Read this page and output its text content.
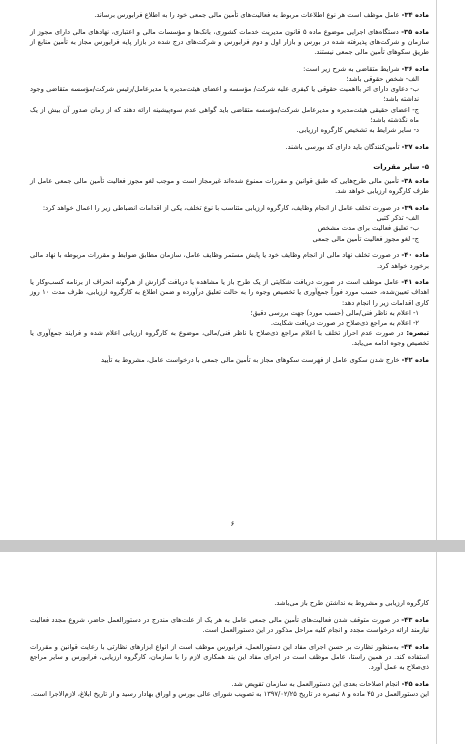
ماده ۳۴- عامل موظف است هر نوع اطلاعات مربوط به فعالیت‌های تأمین مالی جمعی خود را به اطلاع فرابورس برساند.

ماده ۳۵- دستگاه‌های اجرایی موضوع ماده ۵ قانون مدیریت خدمات کشوری، بانک‌ها و مؤسسات مالی و اعتباری، نهادهای مالی دارای مجوز از سازمان و شرکت‌های پذیرفته شده در بورس و بازار اول و دوم فرابورس و شرکت‌های درج شده در بازار پایه فرابورس مجاز به تأمین منابع از طریق سکوهای تأمین مالی جمعی نیستند.

ماده ۳۶- شرایط متقاضی به شرح زیر است:

الف- شخص حقوقی باشد؛

ب- دعاوی دارای اثر بااهمیت حقوقی یا کیفری علیه شرکت/ مؤسسه و اعضای هیئت‌مدیره یا مدیرعامل/رئیس شرکت/مؤسسه متقاضی وجود نداشته باشد؛

ج- اعضای حقیقی هیئت‌مدیره و مدیرعامل شرکت/مؤسسه متقاضی باید گواهی عدم سوءپیشینه ارائه دهند که از زمان صدور آن بیش از یک ماه نگذشته باشد؛

د- سایر شرایط به تشخیص کارگروه ارزیابی.

ماده ۳۷- تأمین‌کنندگان باید دارای کد بورسی باشند.

۵- سایر مقررات

ماده ۳۸- تأمین مالی طرح‌هایی که طبق قوانین و مقررات ممنوع شده‌اند غیرمجاز است و موجب لغو مجوز فعالیت تأمین مالی جمعی عامل از طرف کارگروه ارزیابی خواهد شد.

ماده ۳۹- در صورت تخلف عامل از انجام وظایف، کارگروه ارزیابی متناسب با نوع تخلف، یکی از اقدامات انضباطی زیر را اعمال خواهد کرد:

الف- تذکر کتبی

ب- تعلیق فعالیت برای مدت مشخص

ج- لغو مجوز فعالیت تأمین مالی جمعی

ماده ۴۰- در صورت تخلف نهاد مالی از انجام وظایف خود یا پایش مستمر وظایف عامل، سازمان مطابق ضوابط و مقررات مربوطه با نهاد مالی برخورد خواهد کرد.

ماده ۴۱- عامل موظف است در صورت دریافت شکایتی از یک طرح باز یا مشاهده یا دریافت گزارش از هرگونه انحراف از برنامه کسب‌وکار یا اهداف تعیین‌شده، حسب مورد فوراً جمع‌آوری یا تخصیص وجوه را به حالت تعلیق درآورده و ضمن اطلاع به کارگروه ارزیابی، ظرف مدت ۱۰ روز کاری اقدامات زیر را انجام دهد:

۱- اعلام به ناظر فنی/مالی (حسب مورد) جهت بررسی دقیق؛

۲- اعلام به مراجع ذی‌صلاح در صورت دریافت شکایت.

تبصره: در صورت عدم احراز تخلف با اعلام مراجع ذی‌صلاح یا ناظر فنی/مالی، موضوع به کارگروه ارزیابی اعلام شده و فرایند جمع‌آوری یا تخصیص وجوه ادامه می‌یابد.

ماده ۴۲- خارج شدن سکوی عامل از فهرست سکوهای مجاز به تأمین مالی جمعی با درخواست عامل، مشروط به تأیید

۶

کارگروه ارزیابی و مشروط به نداشتن طرح باز می‌باشد.

ماده ۴۳- در صورت متوقف شدن فعالیت‌های تأمین مالی جمعی عامل به هر یک از علت‌های مندرج در دستورالعمل حاضر، شروع مجدد فعالیت نیازمند ارائه درخواست مجدد و انجام کلیه مراحل مذکور در این دستورالعمل است.

ماده ۴۴- به‌منظور نظارت بر حسن اجرای مفاد این دستورالعمل، فرابورس موظف است از انواع ابزارهای نظارتی با رعایت قوانین و مقررات استفاده کند. در همین راستا، عامل موظف است در اجرای مفاد این بند همکاری لازم را با سازمان، کارگروه ارزیابی، فرابورس و سایر مراجع ذی‌صلاح به عمل آورد.

ماده ۴۵- انجام اصلاحات بعدی این دستورالعمل به سازمان تفویض شد.

این دستورالعمل در ۴۵ ماده و ۸ تبصره در تاریخ ۱۳۹۷/۰۲/۲۵ به تصویب شورای عالی بورس و اوراق بهادار رسید و از تاریخ ابلاغ، لازم‌الاجرا است.
